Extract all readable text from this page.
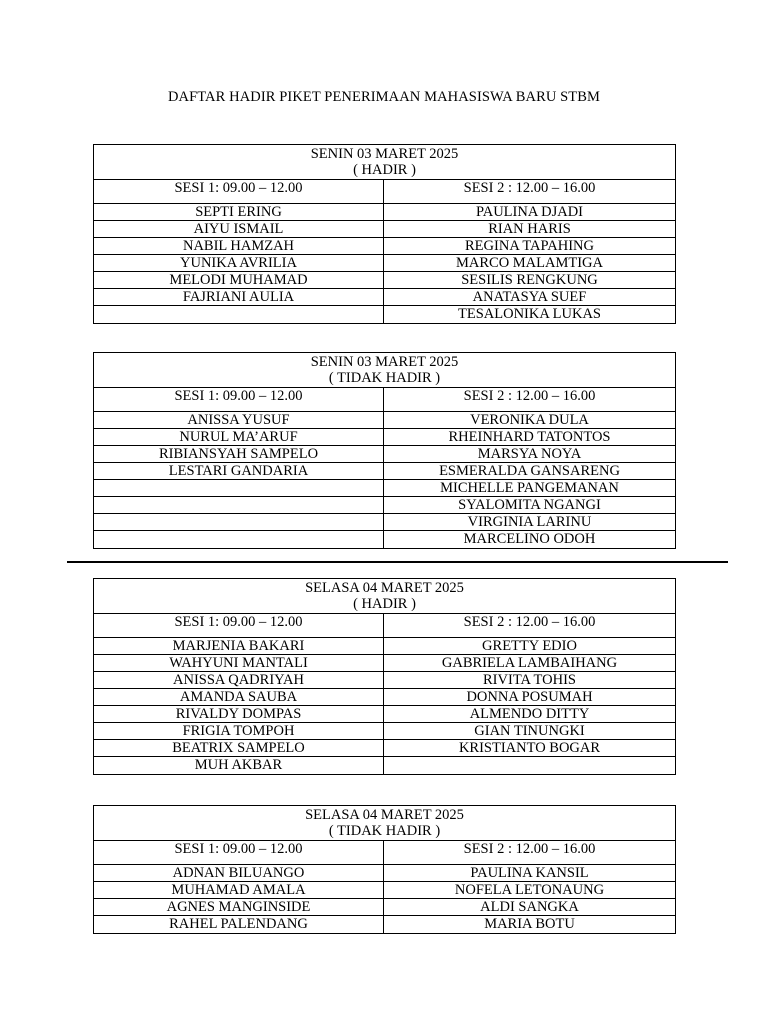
DAFTAR HADIR PIKET PENERIMAAN MAHASISWA BARU STBM
SENIN 03 MARET 2025
( HADIR )	

SESI 1: 09.00 – 12.00	SESI 2 : 12.00 – 16.00
SEPTI ERING	PAULINA DJADI
AIYU ISMAIL	RIAN HARIS
NABIL HAMZAH	REGINA TAPAHING
YUNIKA AVRILIA	MARCO MALAMTIGA
MELODI MUHAMAD	SESILIS RENGKUNG
FAJRIANI AULIA	ANATASYA SUEF
	TESALONIKA LUKAS
SENIN 03 MARET 2025
( TIDAK HADIR )	

SESI 1: 09.00 – 12.00	SESI 2 : 12.00 – 16.00
ANISSA YUSUF	VERONIKA DULA
NURUL MA’ARUF	RHEINHARD TATONTOS
RIBIANSYAH SAMPELO	MARSYA NOYA
LESTARI GANDARIA	ESMERALDA GANSARENG
	MICHELLE PANGEMANAN
	SYALOMITA NGANGI
	VIRGINIA LARINU
	MARCELINO ODOH
SELASA 04 MARET 2025
( HADIR )	

SESI 1: 09.00 – 12.00	SESI 2 : 12.00 – 16.00
MARJENIA BAKARI	GRETTY EDIO
WAHYUNI MANTALI	GABRIELA LAMBAIHANG
ANISSA QADRIYAH	RIVITA TOHIS
AMANDA SAUBA	DONNA POSUMAH
RIVALDY DOMPAS	ALMENDO DITTY
FRIGIA TOMPOH	GIAN TINUNGKI
BEATRIX SAMPELO	KRISTIANTO BOGAR
MUH AKBAR	
SELASA 04 MARET 2025
( TIDAK HADIR )	

SESI 1: 09.00 – 12.00	SESI 2 : 12.00 – 16.00
ADNAN BILUANGO	PAULINA KANSIL
MUHAMAD AMALA	NOFELA LETONAUNG
AGNES MANGINSIDE	ALDI SANGKA
RAHEL PALENDANG	MARIA BOTU
